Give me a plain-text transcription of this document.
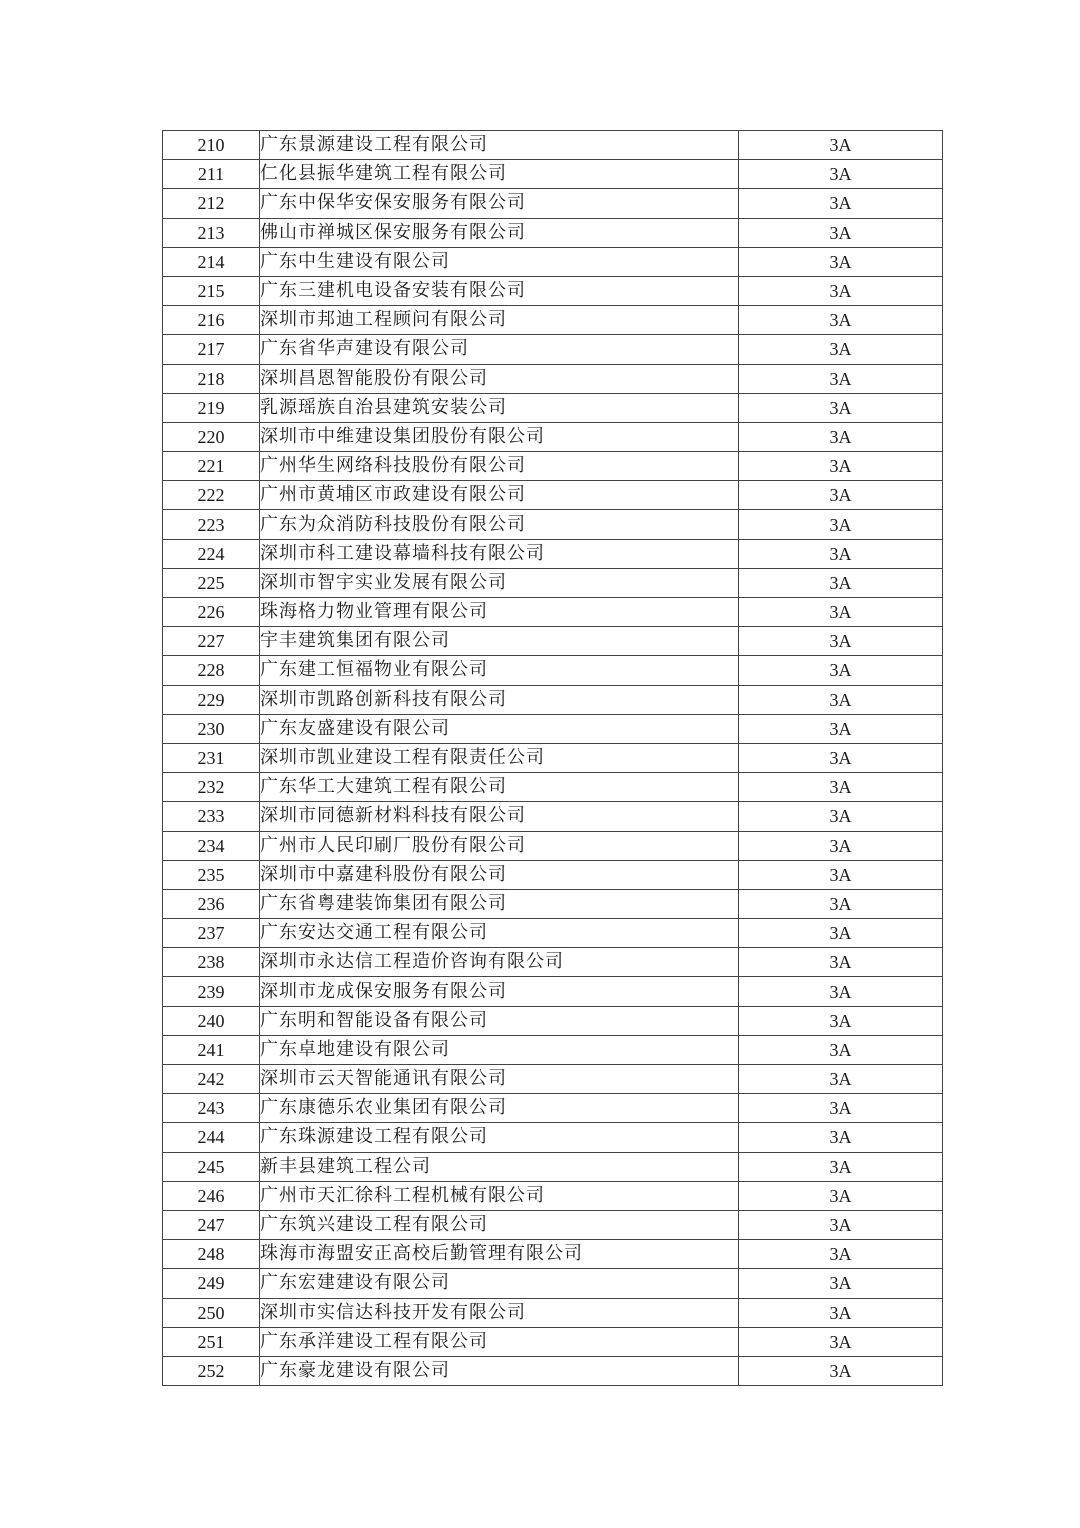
210	广东景源建设工程有限公司	3A
211	仁化县振华建筑工程有限公司	3A
212	广东中保华安保安服务有限公司	3A
213	佛山市禅城区保安服务有限公司	3A
214	广东中生建设有限公司	3A
215	广东三建机电设备安装有限公司	3A
216	深圳市邦迪工程顾问有限公司	3A
217	广东省华声建设有限公司	3A
218	深圳昌恩智能股份有限公司	3A
219	乳源瑶族自治县建筑安装公司	3A
220	深圳市中维建设集团股份有限公司	3A
221	广州华生网络科技股份有限公司	3A
222	广州市黄埔区市政建设有限公司	3A
223	广东为众消防科技股份有限公司	3A
224	深圳市科工建设幕墙科技有限公司	3A
225	深圳市智宇实业发展有限公司	3A
226	珠海格力物业管理有限公司	3A
227	宇丰建筑集团有限公司	3A
228	广东建工恒福物业有限公司	3A
229	深圳市凯路创新科技有限公司	3A
230	广东友盛建设有限公司	3A
231	深圳市凯业建设工程有限责任公司	3A
232	广东华工大建筑工程有限公司	3A
233	深圳市同德新材料科技有限公司	3A
234	广州市人民印刷厂股份有限公司	3A
235	深圳市中嘉建科股份有限公司	3A
236	广东省粤建装饰集团有限公司	3A
237	广东安达交通工程有限公司	3A
238	深圳市永达信工程造价咨询有限公司	3A
239	深圳市龙成保安服务有限公司	3A
240	广东明和智能设备有限公司	3A
241	广东卓地建设有限公司	3A
242	深圳市云天智能通讯有限公司	3A
243	广东康德乐农业集团有限公司	3A
244	广东珠源建设工程有限公司	3A
245	新丰县建筑工程公司	3A
246	广州市天汇徐科工程机械有限公司	3A
247	广东筑兴建设工程有限公司	3A
248	珠海市海盟安正高校后勤管理有限公司	3A
249	广东宏建建设有限公司	3A
250	深圳市实信达科技开发有限公司	3A
251	广东承洋建设工程有限公司	3A
252	广东豪龙建设有限公司	3A
